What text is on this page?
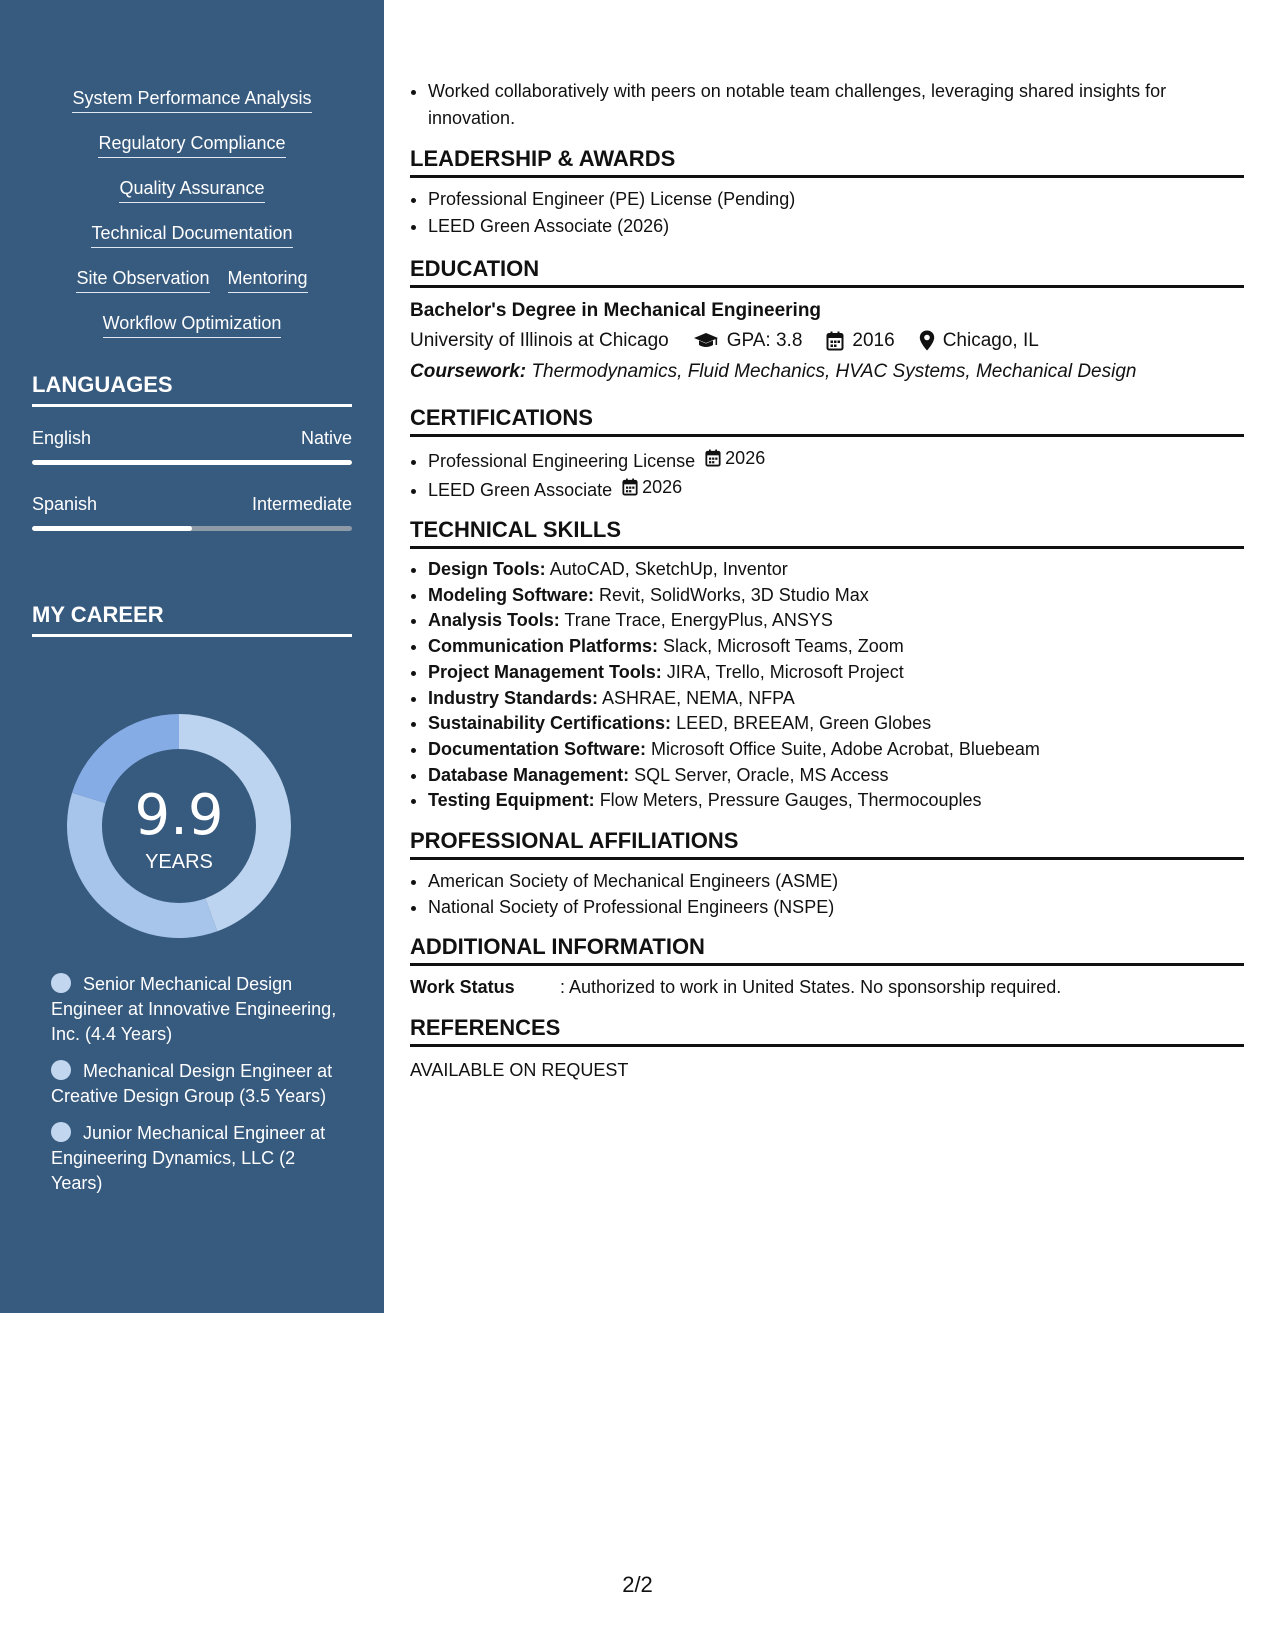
System Performance Analysis
Regulatory Compliance
Quality Assurance
Technical Documentation
Site Observation Mentoring
Workflow Optimization
LANGUAGES
English	Native
Spanish	Intermediate
MY CAREER
9.9
YEARS
Senior Mechanical Design Engineer at Innovative Engineering, Inc. (4.4 Years)
Mechanical Design Engineer at Creative Design Group (3.5 Years)
Junior Mechanical Engineer at Engineering Dynamics, LLC (2 Years)
• Worked collaboratively with peers on notable team challenges, leveraging shared insights for innovation.
LEADERSHIP & AWARDS
• Professional Engineer (PE) License (Pending)
• LEED Green Associate (2026)
EDUCATION
Bachelor's Degree in Mechanical Engineering
University of Illinois at Chicago	GPA: 3.8	2016	Chicago, IL
Coursework: Thermodynamics, Fluid Mechanics, HVAC Systems, Mechanical Design
CERTIFICATIONS
• Professional Engineering License 2026
• LEED Green Associate 2026
TECHNICAL SKILLS
• Design Tools: AutoCAD, SketchUp, Inventor
• Modeling Software: Revit, SolidWorks, 3D Studio Max
• Analysis Tools: Trane Trace, EnergyPlus, ANSYS
• Communication Platforms: Slack, Microsoft Teams, Zoom
• Project Management Tools: JIRA, Trello, Microsoft Project
• Industry Standards: ASHRAE, NEMA, NFPA
• Sustainability Certifications: LEED, BREEAM, Green Globes
• Documentation Software: Microsoft Office Suite, Adobe Acrobat, Bluebeam
• Database Management: SQL Server, Oracle, MS Access
• Testing Equipment: Flow Meters, Pressure Gauges, Thermocouples
PROFESSIONAL AFFILIATIONS
• American Society of Mechanical Engineers (ASME)
• National Society of Professional Engineers (NSPE)
ADDITIONAL INFORMATION
Work Status	: Authorized to work in United States. No sponsorship required.
REFERENCES
AVAILABLE ON REQUEST
2/2
